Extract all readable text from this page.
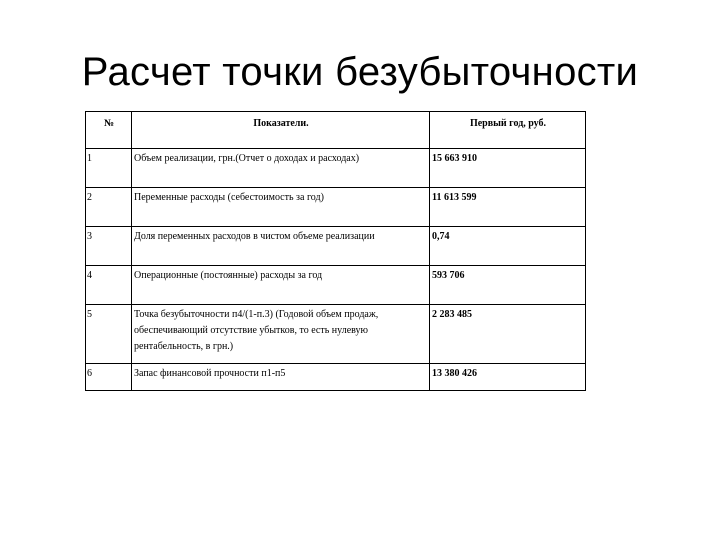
Расчет точки безубыточности
№	Показатели.	Первый год, руб.
1	Объем реализации, грн.(Отчет о доходах и расходах)	15 663 910
2	Переменные расходы (себестоимость за год)	11 613 599
3	Доля переменных расходов в чистом объеме реализации	0,74
4	Операционные (постоянные) расходы за год	593 706
5	Точка безубыточности п4/(1-п.3) (Годовой объем продаж, обеспечивающий отсутствие убытков, то есть нулевую рентабельность, в грн.)	2 283 485
6	Запас финансовой прочности п1-п5	13 380 426
